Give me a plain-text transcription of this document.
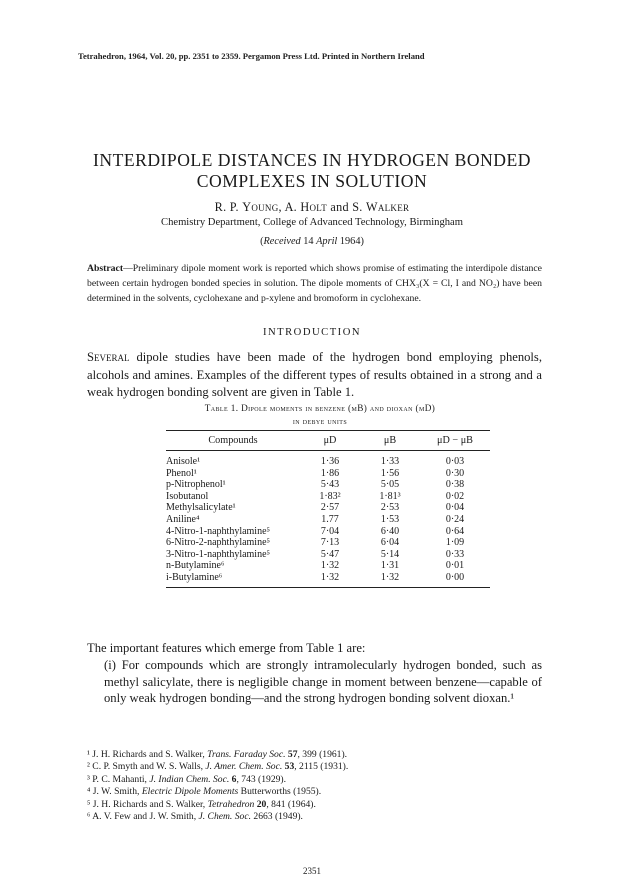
Tetrahedron, 1964, Vol. 20, pp. 2351 to 2359. Pergamon Press Ltd. Printed in Northern Ireland
INTERDIPOLE DISTANCES IN HYDROGEN BONDED
COMPLEXES IN SOLUTION
R. P. Young, A. Holt and S. Walker
Chemistry Department, College of Advanced Technology, Birmingham
(Received 14 April 1964)
Abstract—Preliminary dipole moment work is reported which shows promise of estimating the interdipole distance between certain hydrogen bonded species in solution. The dipole moments of CHX₃(X = Cl, I and NO₂) have been determined in the solvents, cyclohexane and p-xylene and bromoform in cyclohexane.
INTRODUCTION
Several dipole studies have been made of the hydrogen bond employing phenols, alcohols and amines. Examples of the different types of results obtained in a strong and a weak hydrogen bonding solvent are given in Table 1.
Table 1. Dipole moments in benzene (μB) and dioxan (μD)
in debye units
Compounds	μD	μB	μD − μB
Anisole¹	1·36	1·33	0·03
Phenol¹	1·86	1·56	0·30
p-Nitrophenol¹	5·43	5·05	0·38
Isobutanol	1·83²	1·81³	0·02
Methylsalicylate¹	2·57	2·53	0·04
Aniline⁴	1.77	1·53	0·24
4-Nitro-1-naphthylamine⁵	7·04	6·40	0·64
6-Nitro-2-naphthylamine⁵	7·13	6·04	1·09
3-Nitro-1-naphthylamine⁵	5·47	5·14	0·33
n-Butylamine⁶	1·32	1·31	0·01
i-Butylamine⁶	1·32	1·32	0·00
The important features which emerge from Table 1 are:
(i) For compounds which are strongly intramolecularly hydrogen bonded, such as methyl salicylate, there is negligible change in moment between benzene—capable of only weak hydrogen bonding—and the strong hydrogen bonding solvent dioxan.¹
¹ J. H. Richards and S. Walker, Trans. Faraday Soc. 57, 399 (1961).
² C. P. Smyth and W. S. Walls, J. Amer. Chem. Soc. 53, 2115 (1931).
³ P. C. Mahanti, J. Indian Chem. Soc. 6, 743 (1929).
⁴ J. W. Smith, Electric Dipole Moments Butterworths (1955).
⁵ J. H. Richards and S. Walker, Tetrahedron 20, 841 (1964).
⁶ A. V. Few and J. W. Smith, J. Chem. Soc. 2663 (1949).
2351
